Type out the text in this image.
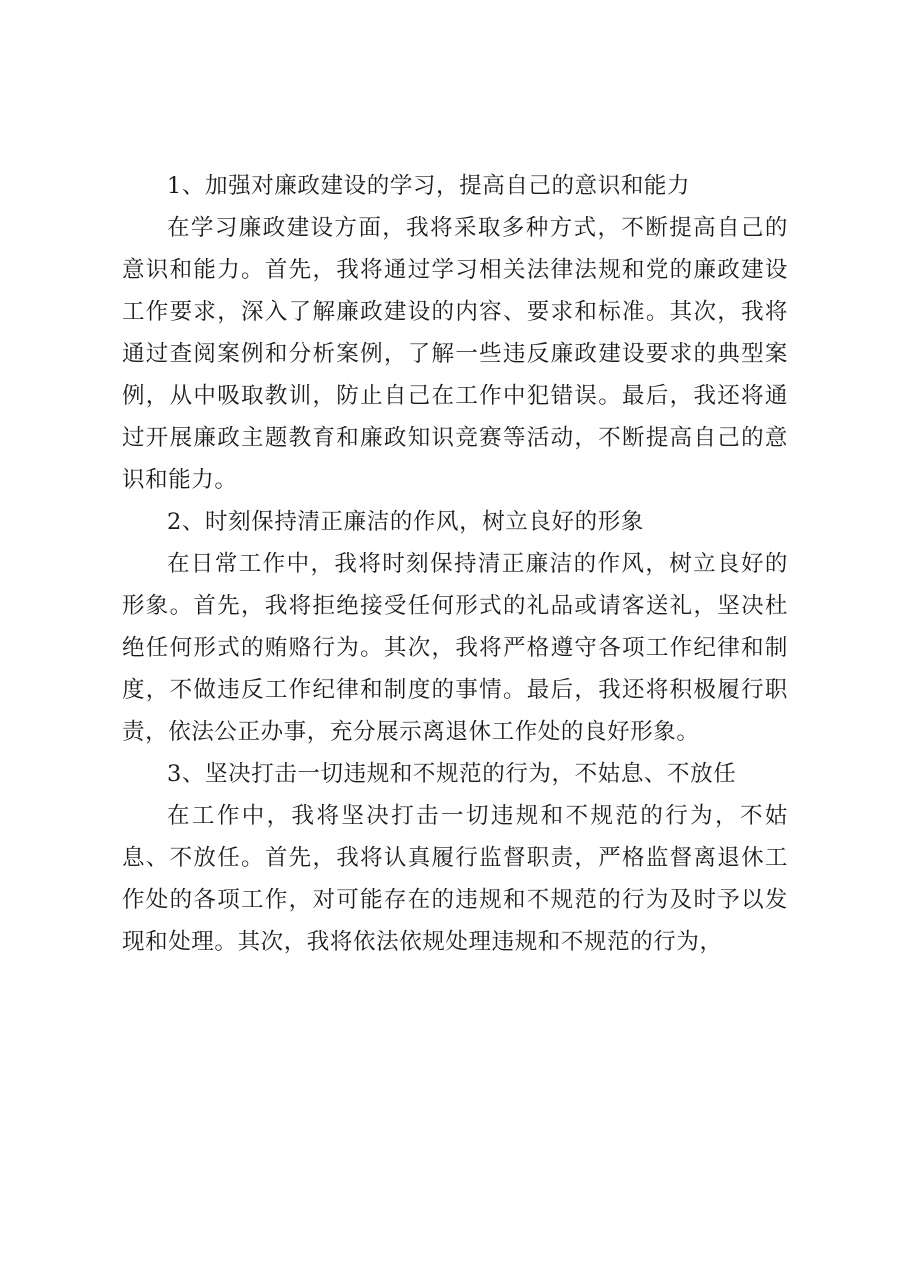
1、加强对廉政建设的学习，提高自己的意识和能力

在学习廉政建设方面，我将采取多种方式，不断提高自己的意识和能力。首先，我将通过学习相关法律法规和党的廉政建设工作要求，深入了解廉政建设的内容、要求和标准。其次，我将通过查阅案例和分析案例，了解一些违反廉政建设要求的典型案例，从中吸取教训，防止自己在工作中犯错误。最后，我还将通过开展廉政主题教育和廉政知识竞赛等活动，不断提高自己的意识和能力。

2、时刻保持清正廉洁的作风，树立良好的形象

在日常工作中，我将时刻保持清正廉洁的作风，树立良好的形象。首先，我将拒绝接受任何形式的礼品或请客送礼，坚决杜绝任何形式的贿赂行为。其次，我将严格遵守各项工作纪律和制度，不做违反工作纪律和制度的事情。最后，我还将积极履行职责，依法公正办事，充分展示离退休工作处的良好形象。

3、坚决打击一切违规和不规范的行为，不姑息、不放任

在工作中，我将坚决打击一切违规和不规范的行为，不姑息、不放任。首先，我将认真履行监督职责，严格监督离退休工作处的各项工作，对可能存在的违规和不规范的行为及时予以发现和处理。其次，我将依法依规处理违规和不规范的行为，
